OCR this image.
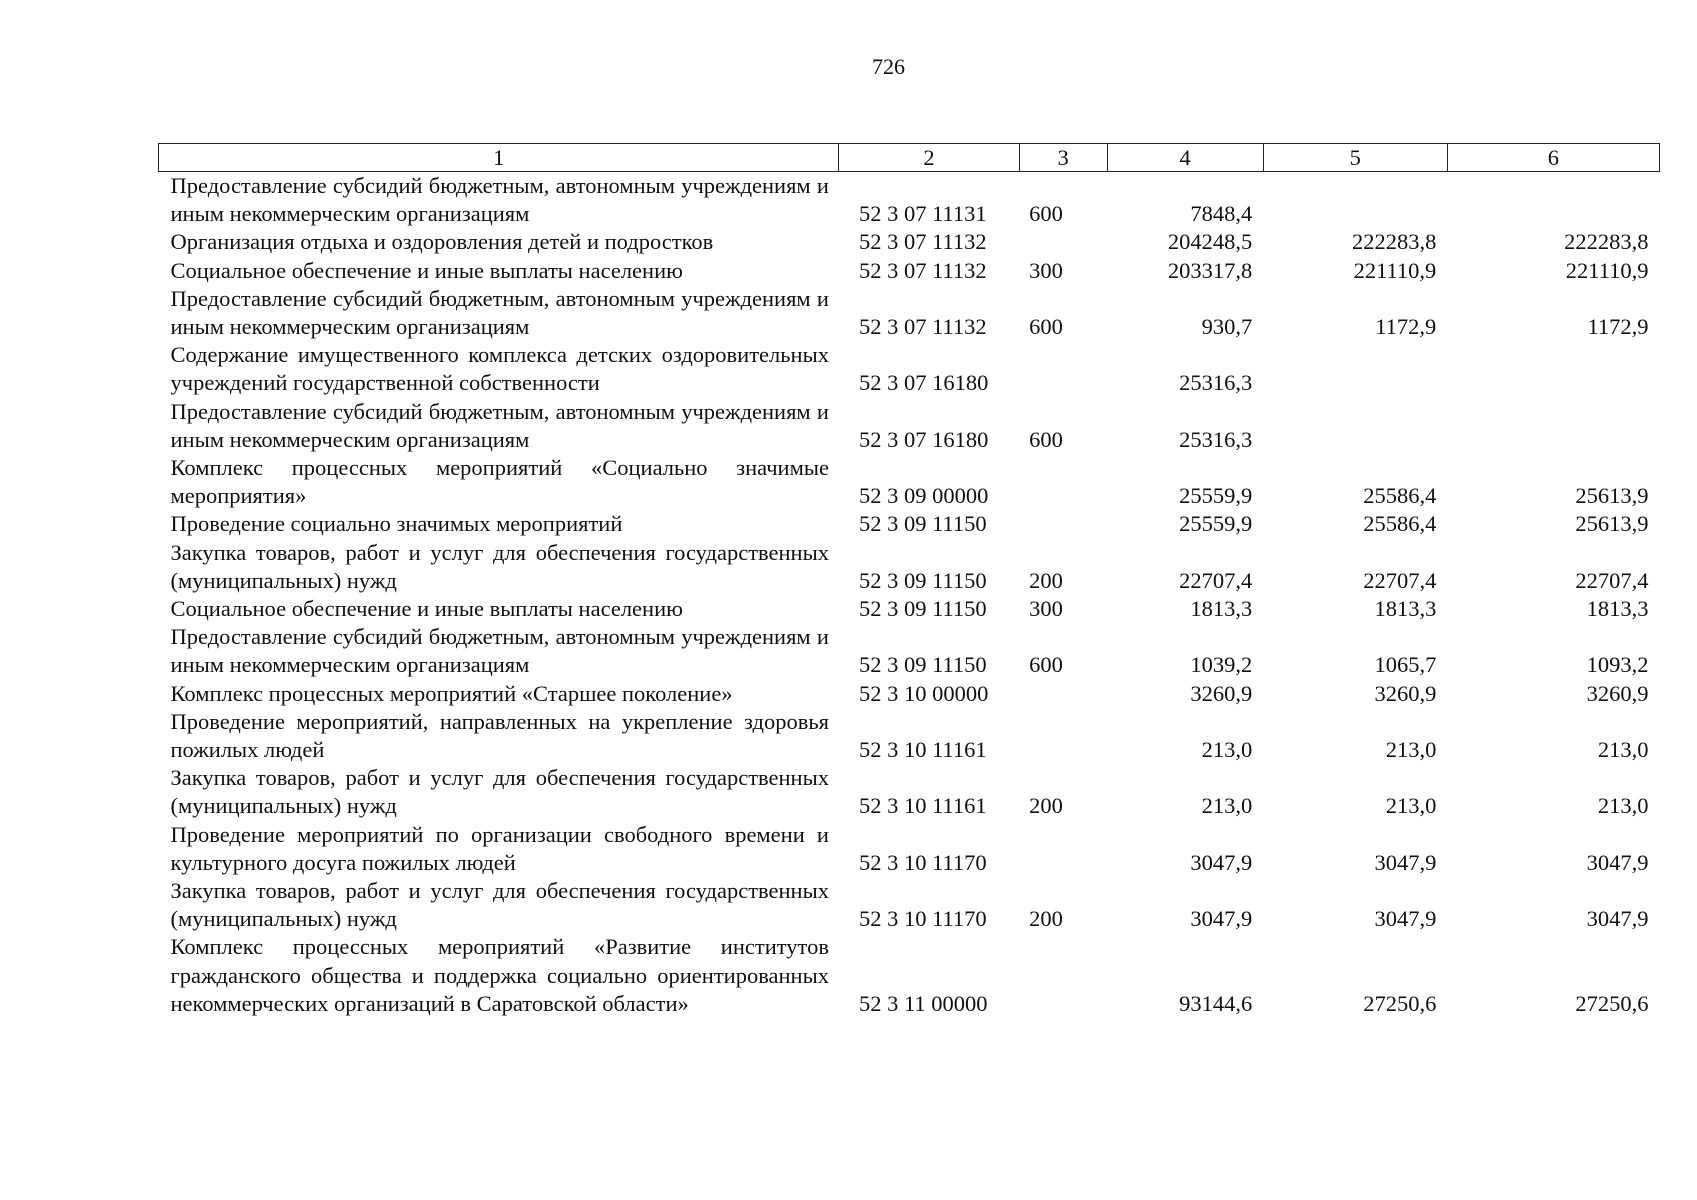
726
1	2	3	4	5	6
Предоставление субсидий бюджетным, автономным учреждениям и иным некоммерческим организациям	52 3 07 11131	600	7848,4		
Организация отдыха и оздоровления детей и подростков	52 3 07 11132		204248,5	222283,8	222283,8
Социальное обеспечение и иные выплаты населению	52 3 07 11132	300	203317,8	221110,9	221110,9
Предоставление субсидий бюджетным, автономным учреждениям и иным некоммерческим организациям	52 3 07 11132	600	930,7	1172,9	1172,9
Содержание имущественного комплекса детских оздоровительных учреждений государственной собственности	52 3 07 16180		25316,3		
Предоставление субсидий бюджетным, автономным учреждениям и иным некоммерческим организациям	52 3 07 16180	600	25316,3		
Комплекс процессных мероприятий «Социально значимые мероприятия»	52 3 09 00000		25559,9	25586,4	25613,9
Проведение социально значимых мероприятий	52 3 09 11150		25559,9	25586,4	25613,9
Закупка товаров, работ и услуг для обеспечения государственных (муниципальных) нужд	52 3 09 11150	200	22707,4	22707,4	22707,4
Социальное обеспечение и иные выплаты населению	52 3 09 11150	300	1813,3	1813,3	1813,3
Предоставление субсидий бюджетным, автономным учреждениям и иным некоммерческим организациям	52 3 09 11150	600	1039,2	1065,7	1093,2
Комплекс процессных мероприятий «Старшее поколение»	52 3 10 00000		3260,9	3260,9	3260,9
Проведение мероприятий, направленных на укрепление здоровья пожилых людей	52 3 10 11161		213,0	213,0	213,0
Закупка товаров, работ и услуг для обеспечения государственных (муниципальных) нужд	52 3 10 11161	200	213,0	213,0	213,0
Проведение мероприятий по организации свободного времени и культурного досуга пожилых людей	52 3 10 11170		3047,9	3047,9	3047,9
Закупка товаров, работ и услуг для обеспечения государственных (муниципальных) нужд	52 3 10 11170	200	3047,9	3047,9	3047,9
Комплекс процессных мероприятий «Развитие институтов гражданского общества и поддержка социально ориентированных некоммерческих организаций в Саратовской области»	52 3 11 00000		93144,6	27250,6	27250,6
